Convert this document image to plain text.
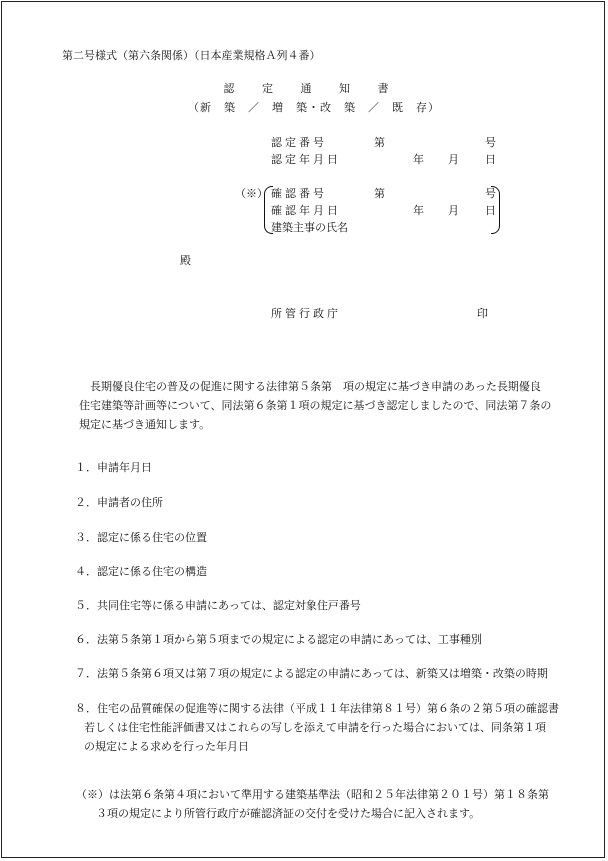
第二号様式（第六条関係）（日本産業規格Ａ列４番）
認 定 通 知 書
（新　築　／　増　築・改　築　／　既　存）
認定番号	第	号
認定年月日	年 月 日
（※） 確認番号	第	号
確認年月日	年 月 日
建築主事の氏名
殿
所管行政庁	印
　長期優良住宅の普及の促進に関する法律第５条第　項の規定に基づき申請のあった長期優良
住宅建築等計画等について、同法第６条第１項の規定に基づき認定しましたので、同法第７条の
規定に基づき通知します。
１．申請年月日
２．申請者の住所
３．認定に係る住宅の位置
４．認定に係る住宅の構造
５．共同住宅等に係る申請にあっては、認定対象住戸番号
６．法第５条第１項から第５項までの規定による認定の申請にあっては、工事種別
７．法第５条第６項又は第７項の規定による認定の申請にあっては、新築又は増築・改築の時期
８．住宅の品質確保の促進等に関する法律（平成１１年法律第８１号）第６条の２第５項の確認書
若しくは住宅性能評価書又はこれらの写しを添えて申請を行った場合においては、同条第１項
の規定による求めを行った年月日
（※）は法第６条第４項において準用する建築基準法（昭和２５年法律第２０１号）第１８条第
３項の規定により所管行政庁が確認済証の交付を受けた場合に記入されます。
